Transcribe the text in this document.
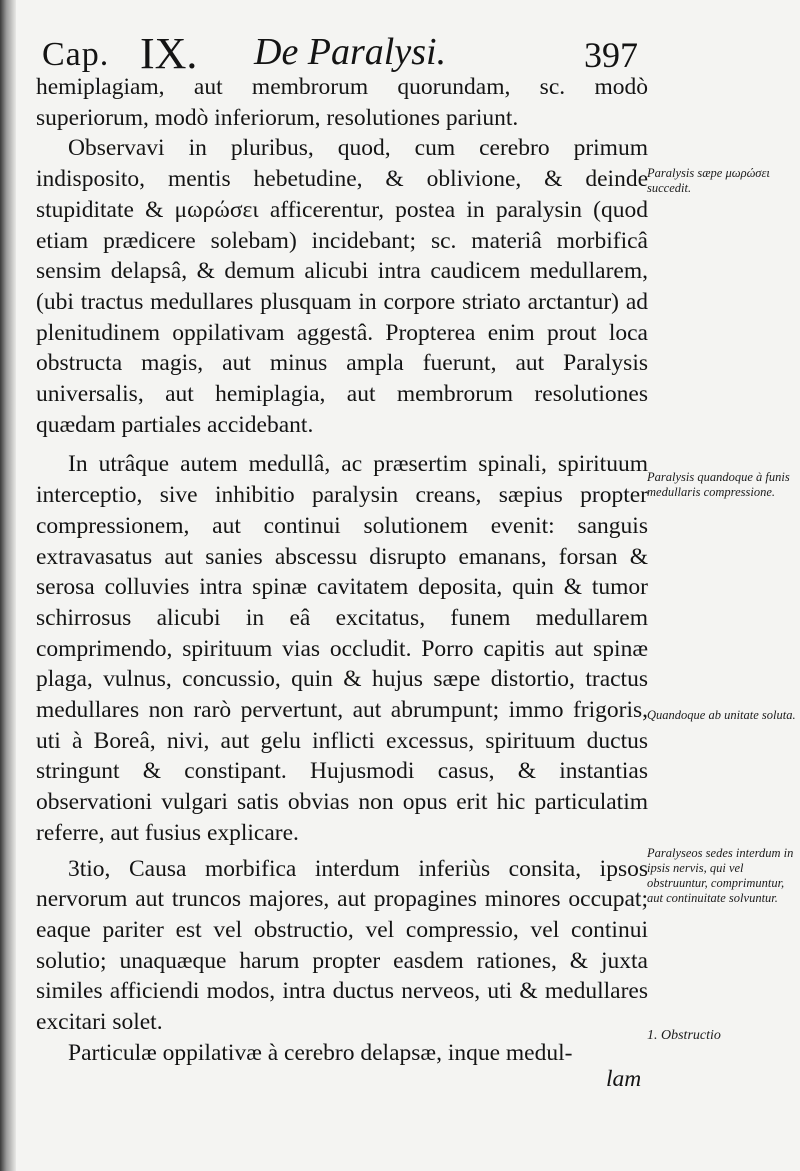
Cap. IX. De Paralysi.	397

hemiplagiam, aut membrorum quorundam, sc. modò superiorum, modò inferiorum, resolutiones pariunt.

Observavi in pluribus, quod, cum cerebro primum indisposito, mentis hebetudine, & oblivione, & deinde stupiditate & μωρώσει afficerentur, postea in paralysin (quod etiam prædicere solebam) incidebant; sc. materiâ morbificâ sensim delapsâ, & demum alicubi intra caudicem medullarem, (ubi tractus medullares plusquam in corpore striato arctantur) ad plenitudinem oppilativam aggestâ. Propterea enim prout loca obstructa magis, aut minus ampla fuerunt, aut Paralysis universalis, aut hemiplagia, aut membrorum resolutiones quædam partiales accidebant.

In utrâque autem medullâ, ac præsertim spinali, spirituum interceptio, sive inhibitio paralysin creans, sæpius propter compressionem, aut continui solutionem evenit: sanguis extravasatus aut sanies abscessu disrupto emanans, forsan & serosa colluvies intra spinæ cavitatem deposita, quin & tumor schirrosus alicubi in eâ excitatus, funem medullarem comprimendo, spirituum vias occludit. Porro capitis aut spinæ plaga, vulnus, concussio, quin & hujus sæpe distortio, tractus medullares non rarò pervertunt, aut abrumpunt; immo frigoris, uti à Boreâ, nivi, aut gelu inflicti excessus, spirituum ductus stringunt & constipant. Hujusmodi casus, & instantias observationi vulgari satis obvias non opus erit hic particulatim referre, aut fusius explicare.

3tio, Causa morbifica interdum inferiùs consita, ipsos nervorum aut truncos majores, aut propagines minores occupat; eaque pariter est vel obstructio, vel compressio, vel continui solutio; unaquæque harum propter easdem rationes, & juxta similes afficiendi modos, intra ductus nerveos, uti & medullares excitari solet.

Particulæ oppilativæ à cerebro delapsæ, inque medul-

lam
Paralysis sæpe μωρώσει succedit.
Paralysis quandoque à funis medullaris compressione.
Quandoque ab unitate soluta.
Paralyseos sedes interdum in ipsis nervis, qui vel obstruuntur, comprimuntur, aut continuitate solvuntur.
1. Obstructio
